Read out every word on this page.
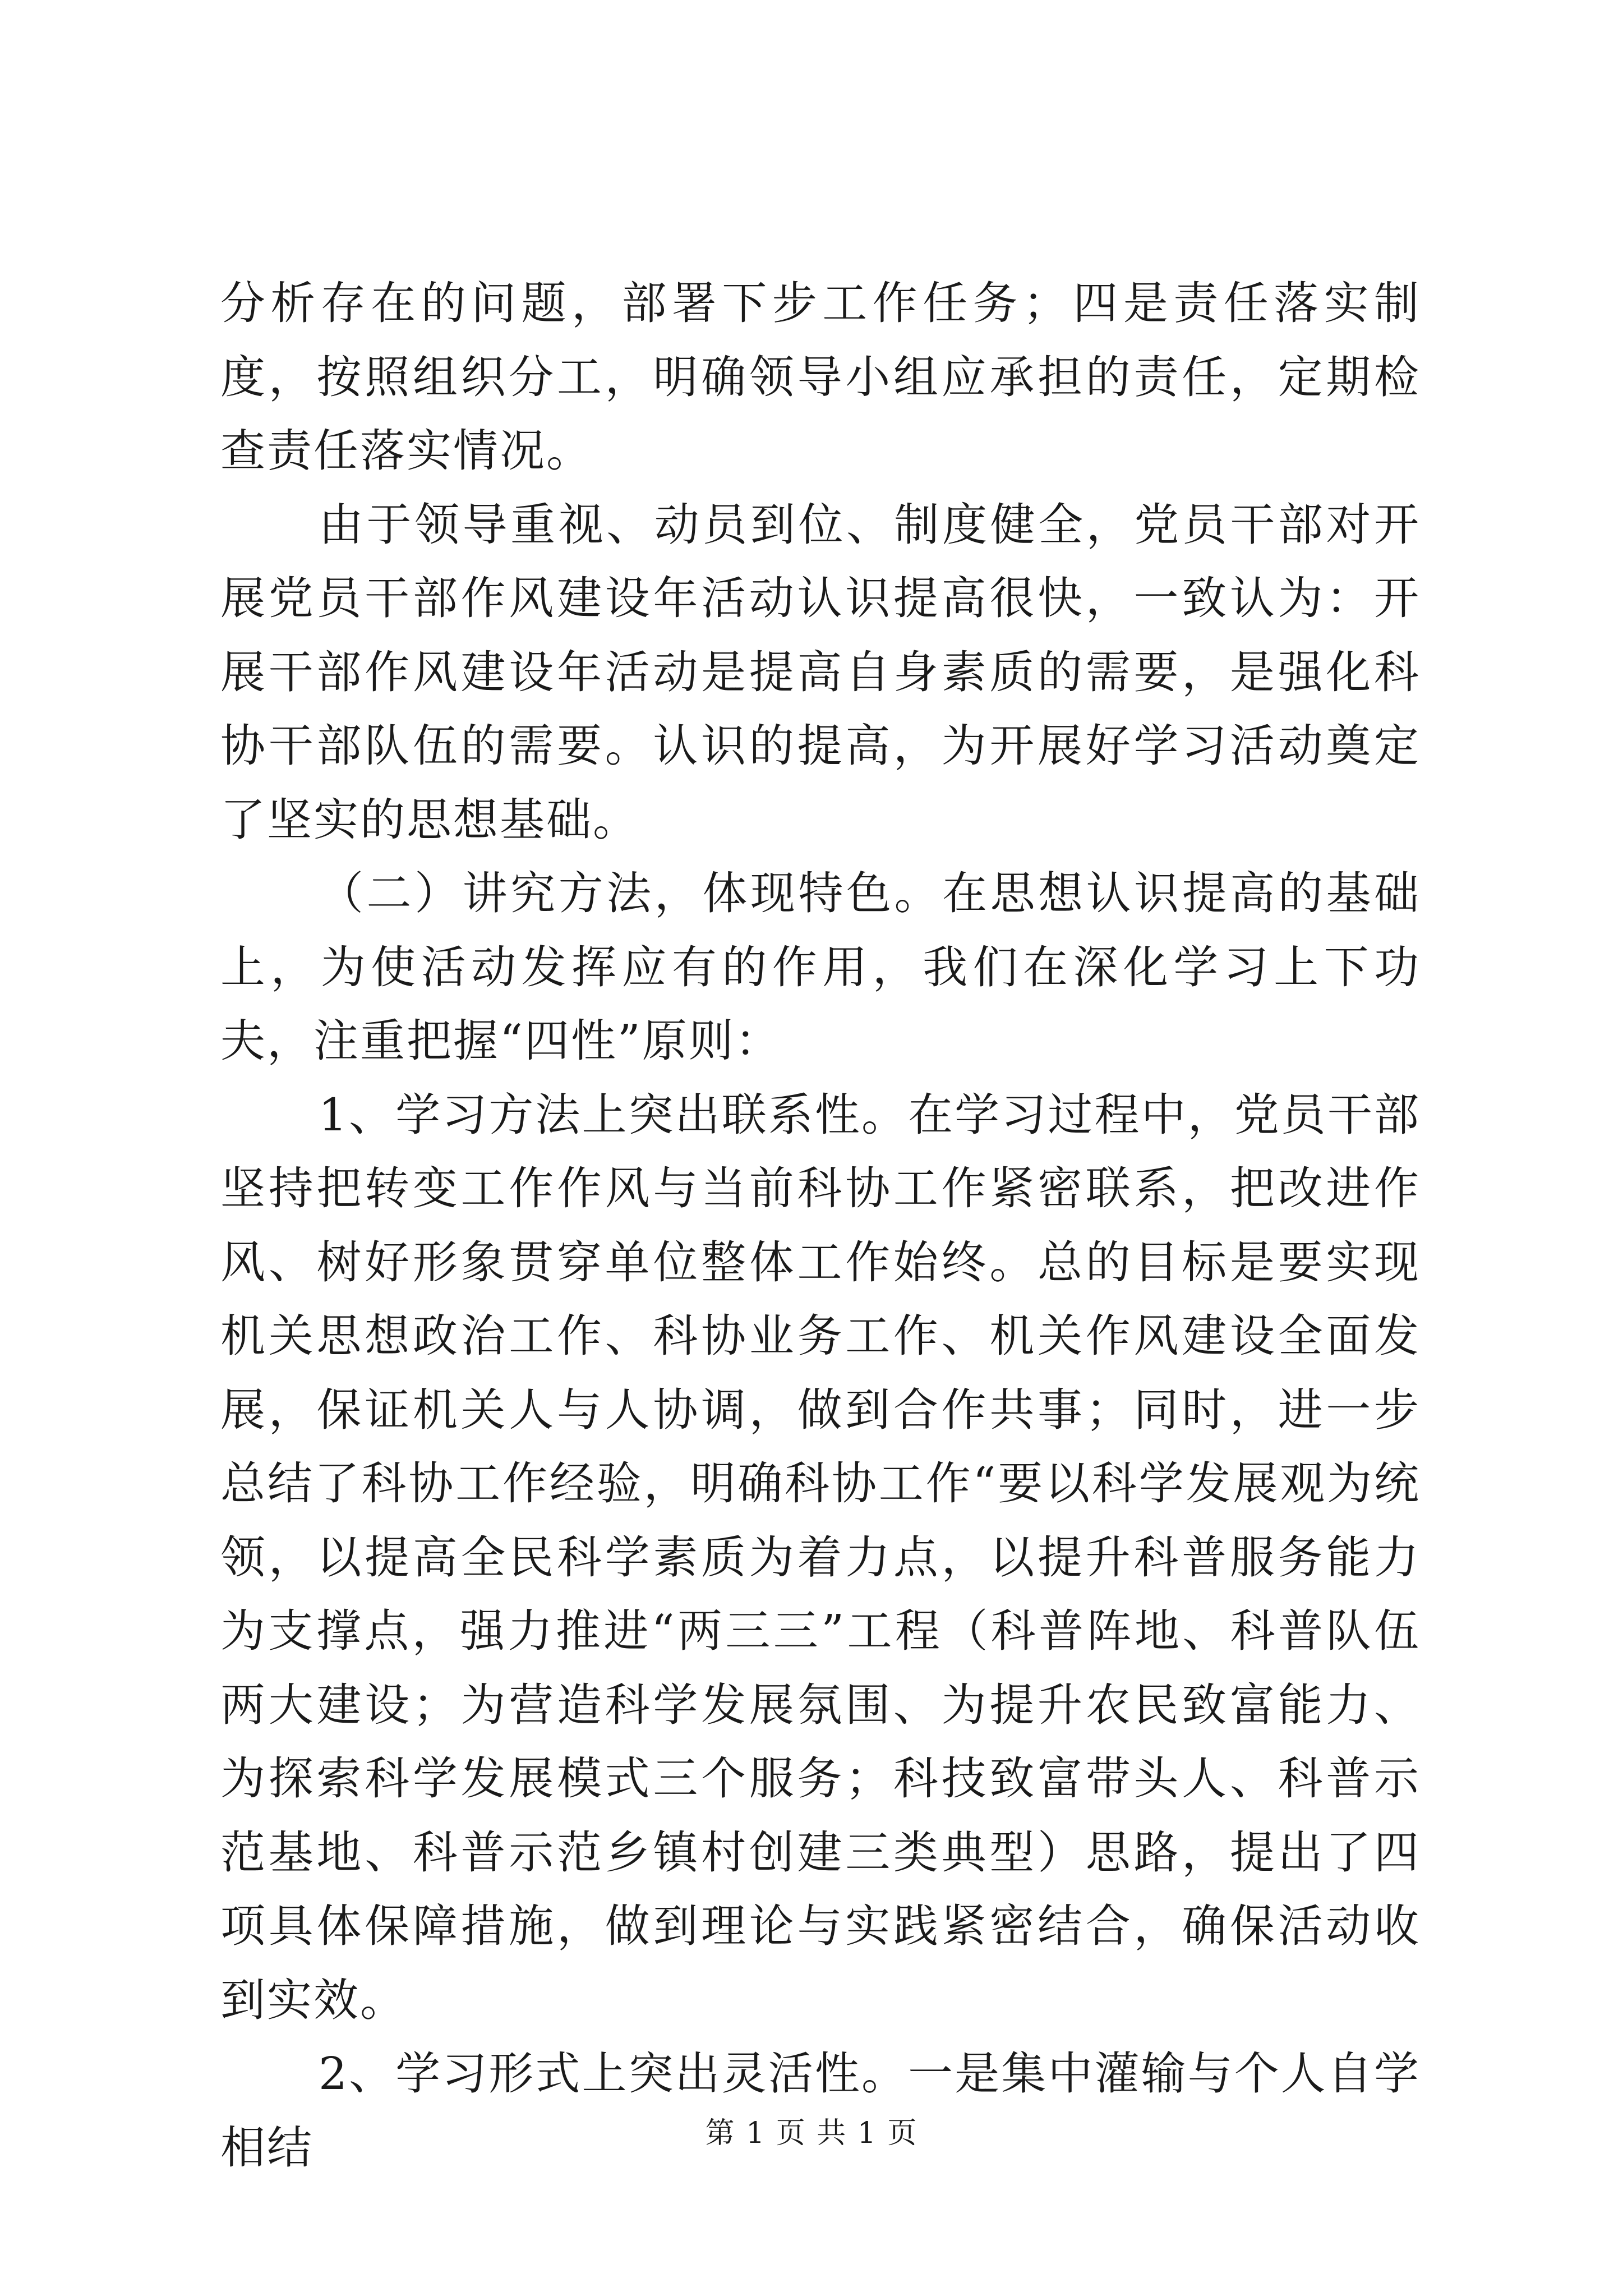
分析存在的问题，部署下步工作任务；四是责任落实制度，按照组织分工，明确领导小组应承担的责任，定期检查责任落实情况。

由于领导重视、动员到位、制度健全，党员干部对开展党员干部作风建设年活动认识提高很快，一致认为：开展干部作风建设年活动是提高自身素质的需要，是强化科协干部队伍的需要。认识的提高，为开展好学习活动奠定了坚实的思想基础。

（二）讲究方法，体现特色。在思想认识提高的基础上，为使活动发挥应有的作用，我们在深化学习上下功夫，注重把握“四性”原则：

1、学习方法上突出联系性。在学习过程中，党员干部坚持把转变工作作风与当前科协工作紧密联系，把改进作风、树好形象贯穿单位整体工作始终。总的目标是要实现机关思想政治工作、科协业务工作、机关作风建设全面发展，保证机关人与人协调，做到合作共事；同时，进一步总结了科协工作经验，明确科协工作“要以科学发展观为统领，以提高全民科学素质为着力点，以提升科普服务能力为支撑点，强力推进“两三三”工程（科普阵地、科普队伍两大建设；为营造科学发展氛围、为提升农民致富能力、为探索科学发展模式三个服务；科技致富带头人、科普示范基地、科普示范乡镇村创建三类典型）思路，提出了四项具体保障措施，做到理论与实践紧密结合，确保活动收到实效。

2、学习形式上突出灵活性。一是集中灌输与个人自学相结	第 1 页 共 1 页
